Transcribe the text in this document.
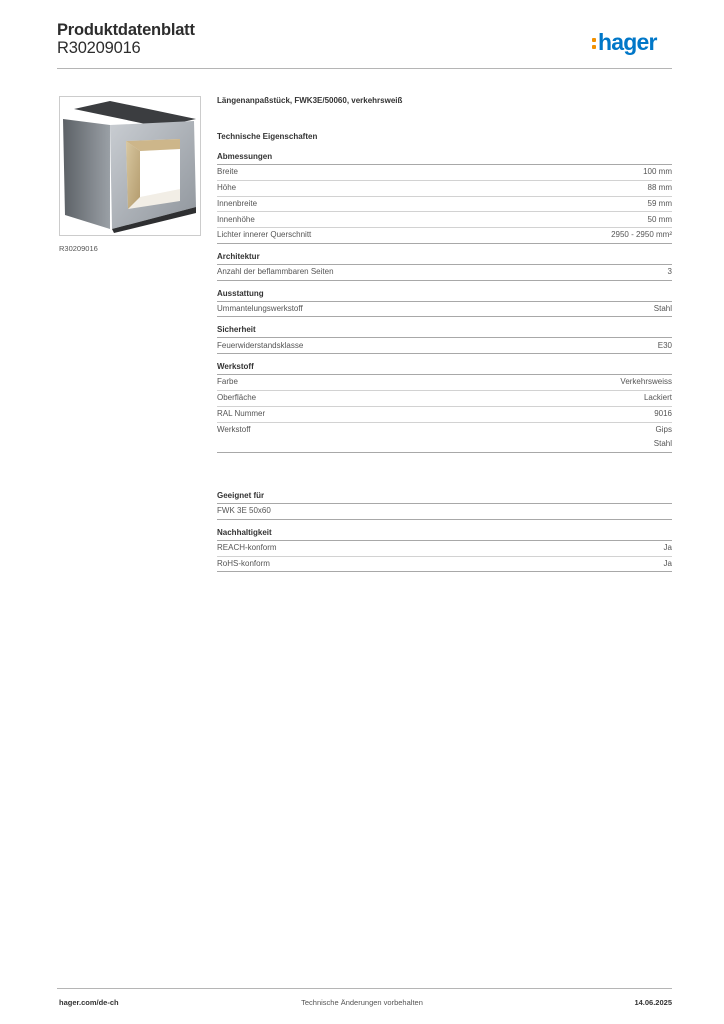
Produktdatenblatt
R30209016	hager
R30209016
Längenanpaßstück, FWK3E/50060, verkehrsweiß
Technische Eigenschaften
Abmessungen
Breite	100 mm
Höhe	88 mm
Innenbreite	59 mm
Innenhöhe	50 mm
Lichter innerer Querschnitt	2950 - 2950 mm²
Architektur
Anzahl der beflammbaren Seiten	3
Ausstattung
Ummantelungswerkstoff	Stahl
Sicherheit
Feuerwiderstandsklasse	E30
Werkstoff
Farbe	Verkehrsweiss
Oberfläche	Lackiert
RAL Nummer	9016
Werkstoff	Gips
Stahl
Geeignet für
FWK 3E 50x60
Nachhaltigkeit
REACH-konform	Ja
RoHS-konform	Ja
hager.com/de-ch	Technische Änderungen vorbehalten	14.06.2025
